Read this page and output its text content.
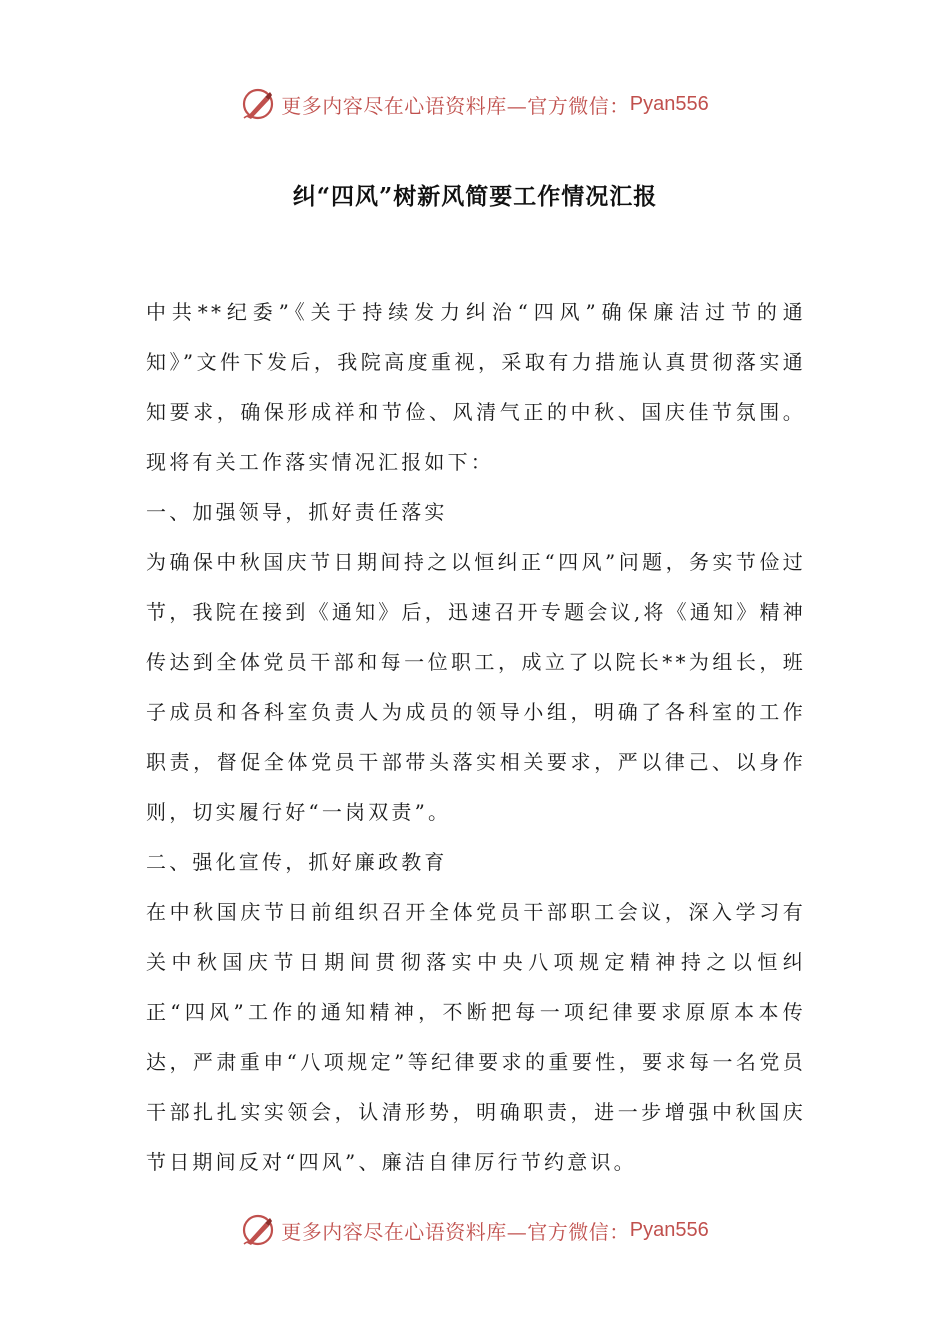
更多内容尽在心语资料库—官方微信： Pyan556
纠“四风”树新风简要工作情况汇报

中共**纪委”《关于持续发力纠治“四风”确保廉洁过节的通知》”文件下发后，我院高度重视，采取有力措施认真贯彻落实通知要求，确保形成祥和节俭、风清气正的中秋、国庆佳节氛围。现将有关工作落实情况汇报如下：

一、加强领导，抓好责任落实

为确保中秋国庆节日期间持之以恒纠正“四风”问题，务实节俭过节，我院在接到《通知》后，迅速召开专题会议,将《通知》精神传达到全体党员干部和每一位职工，成立了以院长**为组长，班子成员和各科室负责人为成员的领导小组，明确了各科室的工作职责，督促全体党员干部带头落实相关要求，严以律己、以身作则，切实履行好“一岗双责”。

二、强化宣传，抓好廉政教育

在中秋国庆节日前组织召开全体党员干部职工会议，深入学习有关中秋国庆节日期间贯彻落实中央八项规定精神持之以恒纠正“四风”工作的通知精神，不断把每一项纪律要求原原本本传达，严肃重申“八项规定”等纪律要求的重要性，要求每一名党员干部扎扎实实领会，认清形势，明确职责，进一步增强中秋国庆节日期间反对“四风”、廉洁自律厉行节约意识。

更多内容尽在心语资料库—官方微信： Pyan556
